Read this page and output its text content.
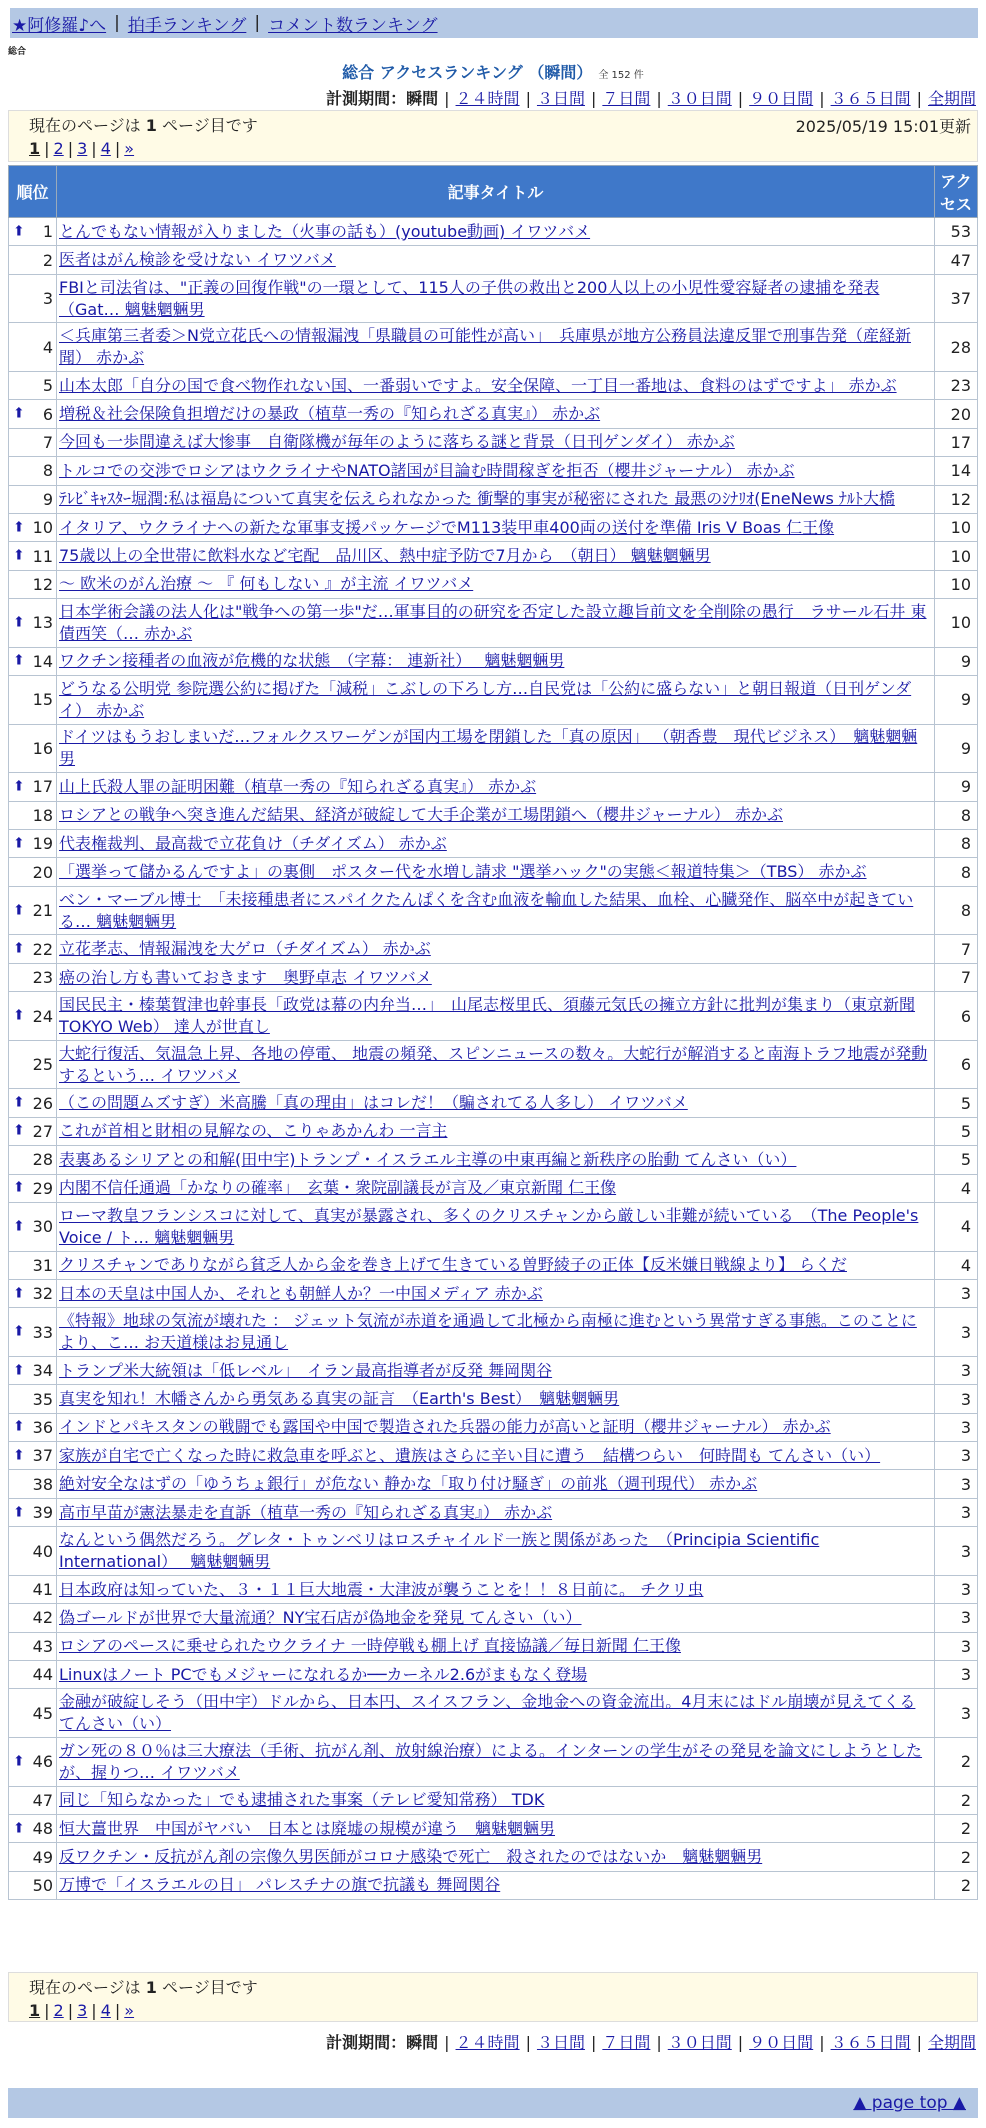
★阿修羅♪へ | 拍手ランキング | コメント数ランキング
総合
総合 アクセスランキング （瞬間） 全 152 件
計測期間：瞬間 | ２４時間 | ３日間 | ７日間 | ３０日間 | ９０日間 | ３６５日間 | 全期間
現在のページは 1 ページ目です	2025/05/19 15:01更新
1 | 2 | 3 | 4 | »
順位	記事タイトル	アクセス

⬆ 1	とんでもない情報が入りました（火事の話も）(youtube動画) イワツバメ	53
2	医者はがん検診を受けない イワツバメ	47
3	FBIと司法省は、"正義の回復作戦"の一環として、115人の子供の救出と200人以上の小児性愛容疑者の逮捕を発表（Gat… 魑魅魍魎男	37
4	＜兵庫第三者委＞N党立花氏への情報漏洩「県職員の可能性が高い」　兵庫県が地方公務員法違反罪で刑事告発（産経新聞） 赤かぶ	28
5	山本太郎「自分の国で食べ物作れない国、一番弱いですよ。安全保障、一丁目一番地は、食料のはずですよ」 赤かぶ	23

⬆ 6	増税＆社会保険負担増だけの暴政（植草一秀の『知られざる真実』） 赤かぶ	20
7	今回も一歩間違えば大惨事　自衛隊機が毎年のように落ちる謎と背景（日刊ゲンダイ） 赤かぶ	17
8	トルコでの交渉でロシアはウクライナやNATO諸国が目論む時間稼ぎを拒否（櫻井ジャーナル） 赤かぶ	14
9	ﾃﾚﾋﾞｷｬｽﾀｰ堀潤:私は福島について真実を伝えられなかった 衝撃的事実が秘密にされた 最悪のｼﾅﾘｵ(EneNews ﾅﾙﾄ大橋	12

⬆ 10	イタリア、ウクライナへの新たな軍事支援パッケージでM113装甲車400両の送付を準備 Iris V Boas 仁王像	10

⬆ 11	75歳以上の全世帯に飲料水など宅配　品川区、熱中症予防で7月から　（朝日） 魑魅魍魎男	10
12	～ 欧米のがん治療 ～ 『 何もしない 』が主流 イワツバメ	10

⬆ 13	日本学術会議の法人化は"戦争への第一歩"だ…軍事目的の研究を否定した設立趣旨前文を全削除の愚行　ラサール石井 東債西笑（… 赤かぶ	10

⬆ 14	ワクチン接種者の血液が危機的な状態　（字幕： 連新社）　 魑魅魍魎男	9
15	どうなる公明党 参院選公約に掲げた「減税」こぶしの下ろし方…自民党は「公約に盛らない」と朝日報道（日刊ゲンダイ） 赤かぶ	9
16	ドイツはもうおしまいだ…フォルクスワーゲンが国内工場を閉鎖した「真の原因」 （朝香豊　現代ビジネス）　魑魅魍魎男	9

⬆ 17	山上氏殺人罪の証明困難（植草一秀の『知られざる真実』） 赤かぶ	9
18	ロシアとの戦争へ突き進んだ結果、経済が破綻して大手企業が工場閉鎖へ（櫻井ジャーナル） 赤かぶ	8

⬆ 19	代表権裁判、最高裁で立花負け（チダイズム） 赤かぶ	8
20	「選挙って儲かるんですよ」の裏側　ポスター代を水増し請求 "選挙ハック"の実態＜報道特集＞（TBS） 赤かぶ	8

⬆ 21	ベン・マーブル博士　「未接種患者にスパイクたんぱくを含む血液を輸血した結果、血栓、心臓発作、脳卒中が起きている… 魑魅魍魎男	8

⬆ 22	立花孝志、情報漏洩を大ゲロ（チダイズム） 赤かぶ	7
23	癌の治し方も書いておきます　奥野卓志 イワツバメ	7

⬆ 24	国民民主・榛葉賀津也幹事長「政党は幕の内弁当…」　山尾志桜里氏、須藤元気氏の擁立方針に批判が集まり（東京新聞TOKYO Web） 達人が世直し	6
25	大蛇行復活、気温急上昇、各地の停電、 地震の頻発、スピンニュースの数々。大蛇行が解消すると南海トラフ地震が発動するという… イワツバメ	6

⬆ 26	（この問題ムズすぎ）米高騰「真の理由」はコレだ！（騙されてる人多し） イワツバメ	5

⬆ 27	これが首相と財相の見解なの、こりゃあかんわ 一言主	5
28	表裏あるシリアとの和解(田中宇)トランプ・イスラエル主導の中東再編と新秩序の胎動 てんさい（い）	5

⬆ 29	内閣不信任通過「かなりの確率」　玄葉・衆院副議長が言及／東京新聞 仁王像	4

⬆ 30	ローマ教皇フランシスコに対して、真実が暴露され、多くのクリスチャンから厳しい非難が続いている　（The People's Voice / ト… 魑魅魍魎男	4
31	クリスチャンでありながら貧乏人から金を巻き上げて生きている曽野綾子の正体【反米嫌日戦線より】 らくだ	4

⬆ 32	日本の天皇は中国人か、それとも朝鮮人か？一中国メディア 赤かぶ	3

⬆ 33	《特報》地球の気流が壊れた ： ジェット気流が赤道を通過して北極から南極に進むという異常すぎる事態。このことにより、こ… お天道様はお見通し	3

⬆ 34	トランプ米大統領は「低レベル」　イラン最高指導者が反発 舞岡関谷	3
35	真実を知れ！木幡さんから勇気ある真実の証言　（Earth's Best）　魑魅魍魎男	3

⬆ 36	インドとパキスタンの戦闘でも露国や中国で製造された兵器の能力が高いと証明（櫻井ジャーナル） 赤かぶ	3

⬆ 37	家族が自宅で亡くなった時に救急車を呼ぶと、遺族はさらに辛い目に遭う　結構つらい　何時間も てんさい（い）	3
38	絶対安全なはずの「ゆうちょ銀行」が危ない 静かな「取り付け騒ぎ」の前兆（週刊現代） 赤かぶ	3

⬆ 39	高市早苗が憲法暴走を直訴（植草一秀の『知られざる真実』） 赤かぶ	3
40	なんという偶然だろう。グレタ・トゥンベリはロスチャイルド一族と関係があった　（Principia Scientific International）　 魑魅魍魎男	3
41	日本政府は知っていた、３・１１巨大地震・大津波が襲うことを！！８日前に。 チクリ虫	3
42	偽ゴールドが世界で大量流通？NY宝石店が偽地金を発見 てんさい（い）	3
43	ロシアのペースに乗せられたウクライナ 一時停戦も棚上げ 直接協議／毎日新聞 仁王像	3
44	Linuxはノート PCでもメジャーになれるか──カーネル2.6がまもなく登場	3
45	金融が破綻しそう（田中宇）ドルから、日本円、スイスフラン、金地金への資金流出。4月末にはドル崩壊が見えてくる てんさい（い）	3

⬆ 46	ガン死の８０％は三大療法（手術、抗がん剤、放射線治療）による。インターンの学生がその発見を論文にしようとしたが、握りつ… イワツバメ	2
47	同じ「知らなかった」でも逮捕された事案（テレビ愛知常務） TDK	2

⬆ 48	恒大薑世界　中国がヤバい　日本とは廃墟の規模が違う　魑魅魍魎男	2
49	反ワクチン・反抗がん剤の宗像久男医師がコロナ感染で死亡　殺されたのではないか　魑魅魍魎男	2
50	万博で「イスラエルの日」 パレスチナの旗で抗議も 舞岡関谷	2
現在のページは 1 ページ目です
1 | 2 | 3 | 4 | »
計測期間：瞬間 | ２４時間 | ３日間 | ７日間 | ３０日間 | ９０日間 | ３６５日間 | 全期間
▲ page top ▲
